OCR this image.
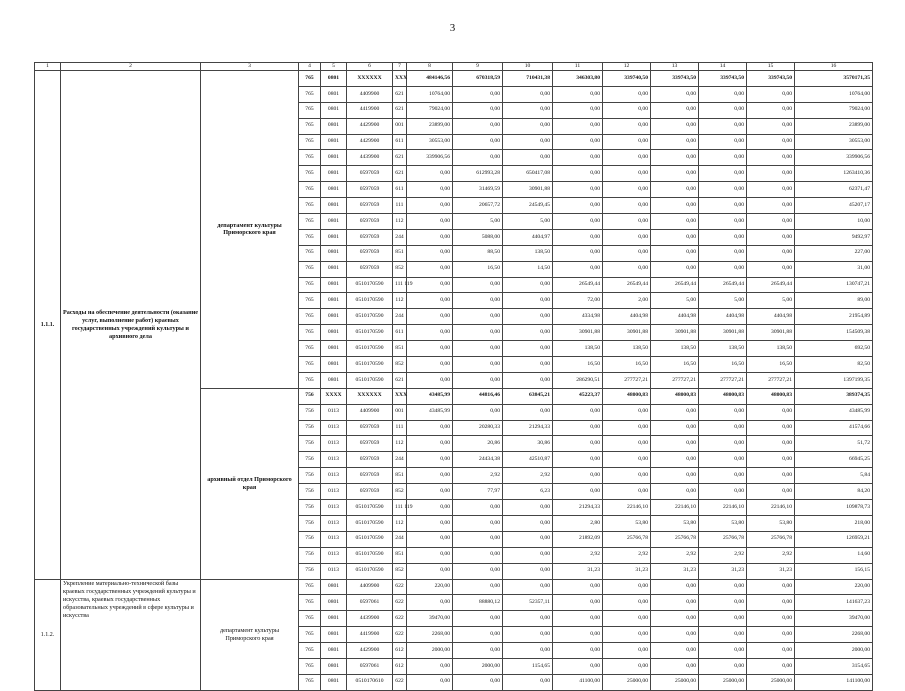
3
1	2	3	4	5	6	7	8	9	10	11	12	13	14	15	16
1.1.1.	Расходы на обеспечение деятельности (оказание услуг, выполнение работ) краевых государственных учреждений культуры и архивного дела	департамент культуры Приморского края	765	0801	XXXXXX	XXX	484146,56	670318,59	710431,38	346303,80	339740,50	339743,50	339743,50	339743,50	3570171,35
			765	0801	4409900	621	10764,00	0,00	0,00	0,00	0,00	0,00	0,00	0,00	10764,00
			765	0801	4419900	621	79024,00	0,00	0,00	0,00	0,00	0,00	0,00	0,00	79024,00
			765	0801	4429900	001	23899,00	0,00	0,00	0,00	0,00	0,00	0,00	0,00	23899,00
			765	0801	4429900	611	30553,00	0,00	0,00	0,00	0,00	0,00	0,00	0,00	30553,00
			765	0801	4439900	621	339906,56	0,00	0,00	0,00	0,00	0,00	0,00	0,00	339906,56
			765	0801	0597059	621	0,00	612993,28	650417,08	0,00	0,00	0,00	0,00	0,00	1263410,36
			765	0801	0597059	611	0,00	31469,59	30901,88	0,00	0,00	0,00	0,00	0,00	62371,47
			765	0801	0597059	111	0,00	20657,72	24549,45	0,00	0,00	0,00	0,00	0,00	45207,17
			765	0801	0597059	112	0,00	5,00	5,00	0,00	0,00	0,00	0,00	0,00	10,00
			765	0801	0597059	244	0,00	5088,00	4404,97	0,00	0,00	0,00	0,00	0,00	9492,97
			765	0801	0597059	851	0,00	88,50	138,50	0,00	0,00	0,00	0,00	0,00	227,00
			765	0801	0597059	852	0,00	16,50	14,50	0,00	0,00	0,00	0,00	0,00	31,00
			765	0801	0510170590	111 119	0,00	0,00	0,00	26549,44	26549,44	26549,44	26549,44	26549,44	130747,21
			765	0801	0510170590	112	0,00	0,00	0,00	72,00	2,00	5,00	5,00	5,00	89,00
			765	0801	0510170590	244	0,00	0,00	0,00	4334,98	4404,98	4404,98	4404,98	4404,98	21954,89
			765	0801	0510170590	611	0,00	0,00	0,00	30901,88	30901,88	30901,88	30901,88	30901,88	154509,38
			765	0801	0510170590	851	0,00	0,00	0,00	138,50	138,50	138,50	138,50	138,50	692,50
			765	0801	0510170590	852	0,00	0,00	0,00	16,50	16,50	16,50	16,50	16,50	82,50
			765	0801	0510170590	621	0,00	0,00	0,00	286290,51	277727,21	277727,21	277727,21	277727,21	1397199,35
		архивный отдел Приморского края	756	XXXX	XXXXXX	XXX	43485,99	44816,46	63845,21	45223,37	48000,83	48000,83	48000,83	48000,83	389374,35
			756	0113	4409900	001	43485,99	0,00	0,00	0,00	0,00	0,00	0,00	0,00	43485,99
			756	0113	0597059	111	0,00	20280,33	21294,33	0,00	0,00	0,00	0,00	0,00	41574,66
			756	0113	0597059	112	0,00	20,86	30,86	0,00	0,00	0,00	0,00	0,00	51,72
			756	0113	0597059	244	0,00	24434,38	42510,87	0,00	0,00	0,00	0,00	0,00	66945,25
			756	0113	0597059	851	0,00	2,92	2,92	0,00	0,00	0,00	0,00	0,00	5,84
			756	0113	0597059	852	0,00	77,97	6,23	0,00	0,00	0,00	0,00	0,00	84,20
			756	0113	0510170590	111 119	0,00	0,00	0,00	21294,33	22146,10	22146,10	22146,10	22146,10	109878,73
			756	0113	0510170590	112	0,00	0,00	0,00	2,80	53,80	53,80	53,80	53,80	218,00
			756	0113	0510170590	244	0,00	0,00	0,00	21892,09	25766,78	25766,78	25766,78	25766,78	126959,21
			756	0113	0510170590	851	0,00	0,00	0,00	2,92	2,92	2,92	2,92	2,92	14,60
			756	0113	0510170590	852	0,00	0,00	0,00	31,23	31,23	31,23	31,23	31,23	156,15
1.1.2.	Укрепление материально-технической базы краевых государственных учреждений культуры и искусства, краевых государственных образовательных учреждений в сфере культуры и искусства	департамент культуры Приморского края	765	0801	4409900	622	220,00	0,00	0,00	0,00	0,00	0,00	0,00	0,00	220,00
			765	0801	0597061	622	0,00	88880,12	52357,11	0,00	0,00	0,00	0,00	0,00	141637,23
			765	0801	4439900	622	39470,00	0,00	0,00	0,00	0,00	0,00	0,00	0,00	39470,00
			765	0801	4419900	622	2268,00	0,00	0,00	0,00	0,00	0,00	0,00	0,00	2268,00
			765	0801	4429900	612	2000,00	0,00	0,00	0,00	0,00	0,00	0,00	0,00	2000,00
			765	0801	0597061	612	0,00	2000,00	1154,65	0,00	0,00	0,00	0,00	0,00	3154,65
			765	0801	0510170610	622	0,00	0,00	0,00	41100,00	25000,00	25000,00	25000,00	25000,00	141100,00
